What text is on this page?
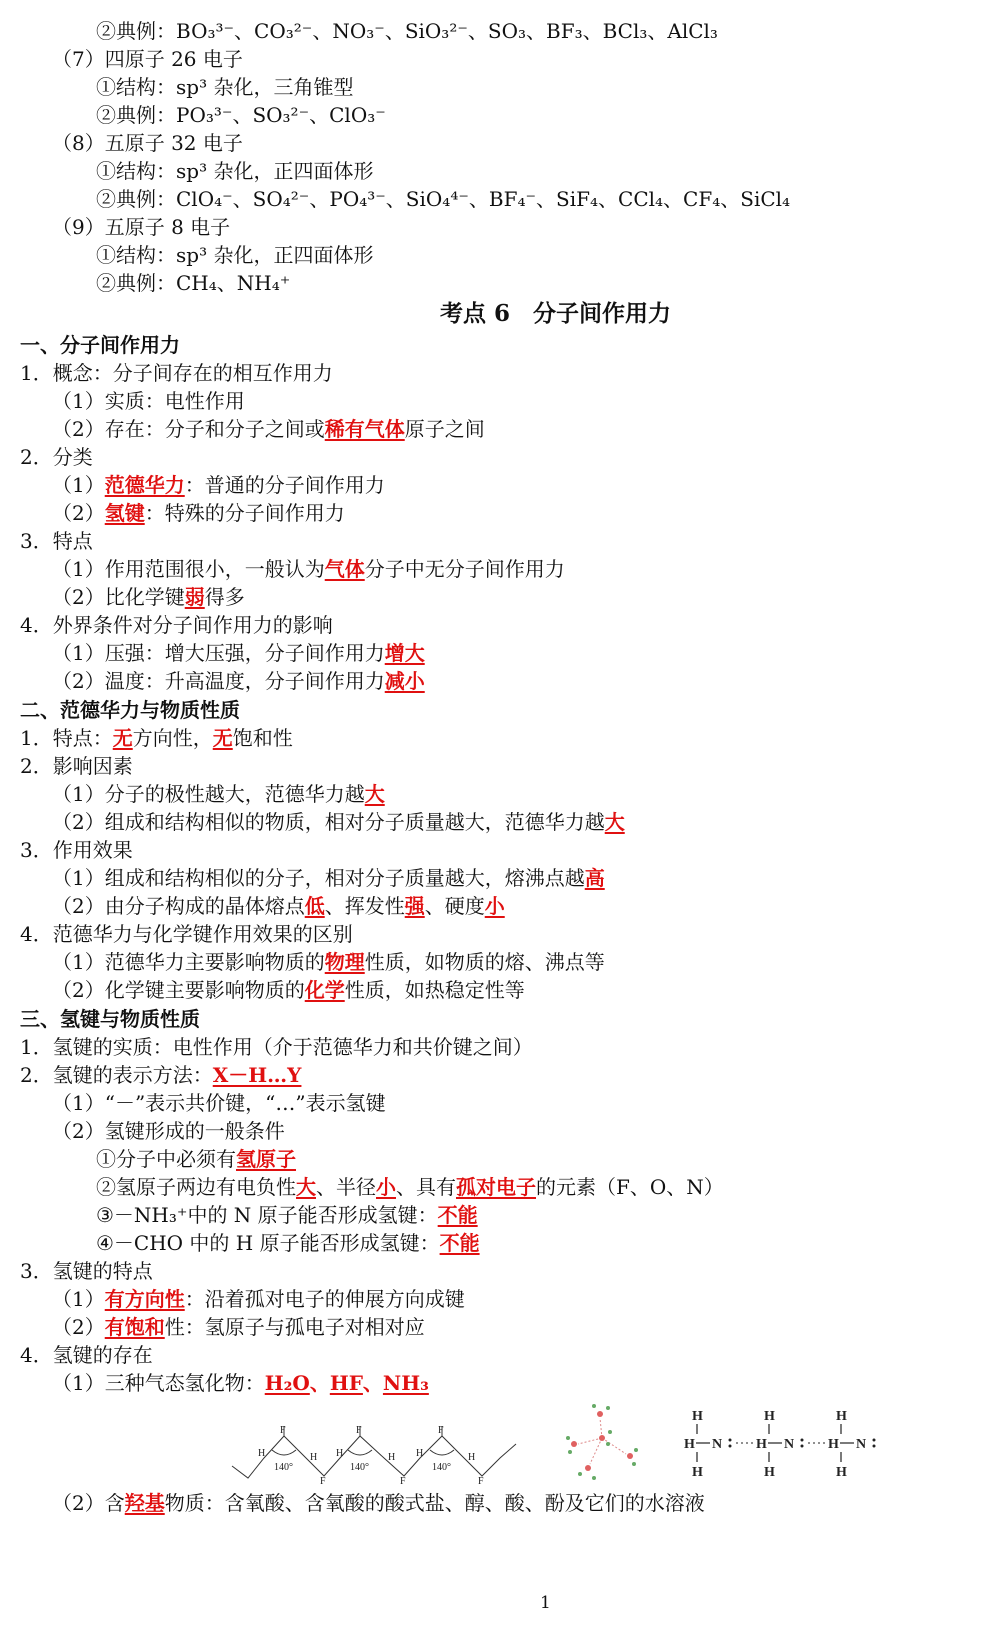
②典例：BO₃³⁻、CO₃²⁻、NO₃⁻、SiO₃²⁻、SO₃、BF₃、BCl₃、AlCl₃
（7）四原子 26 电子
①结构：sp³ 杂化，三角锥型
②典例：PO₃³⁻、SO₃²⁻、ClO₃⁻
（8）五原子 32 电子
①结构：sp³ 杂化，正四面体形
②典例：ClO₄⁻、SO₄²⁻、PO₄³⁻、SiO₄⁴⁻、BF₄⁻、SiF₄、CCl₄、CF₄、SiCl₄
（9）五原子 8 电子
①结构：sp³ 杂化，正四面体形
②典例：CH₄、NH₄⁺
考点 6　分子间作用力
一、分子间作用力
1．概念：分子间存在的相互作用力
（1）实质：电性作用
（2）存在：分子和分子之间或稀有气体原子之间
2．分类
（1）范德华力：普通的分子间作用力
（2）氢键：特殊的分子间作用力
3．特点
（1）作用范围很小，一般认为气体分子中无分子间作用力
（2）比化学键弱得多
4．外界条件对分子间作用力的影响
（1）压强：增大压强，分子间作用力增大
（2）温度：升高温度，分子间作用力减小
二、范德华力与物质性质
1．特点：无方向性，无饱和性
2．影响因素
（1）分子的极性越大，范德华力越大
（2）组成和结构相似的物质，相对分子质量越大，范德华力越大
3．作用效果
（1）组成和结构相似的分子，相对分子质量越大，熔沸点越高
（2）由分子构成的晶体熔点低、挥发性强、硬度小
4．范德华力与化学键作用效果的区别
（1）范德华力主要影响物质的物理性质，如物质的熔、沸点等
（2）化学键主要影响物质的化学性质，如热稳定性等
三、氢键与物质性质
1．氢键的实质：电性作用（介于范德华力和共价键之间）
2．氢键的表示方法：X－H…Y
（1）“－”表示共价键，“…”表示氢键
（2）氢键形成的一般条件
①分子中必须有氢原子
②氢原子两边有电负性大、半径小、具有孤对电子的元素（F、O、N）
③－NH₃⁺中的 N 原子能否形成氢键：不能
④－CHO 中的 H 原子能否形成氢键：不能
3．氢键的特点
（1）有方向性：沿着孤对电子的伸展方向成键
（2）有饱和性：氢原子与孤电子对相对应
4．氢键的存在
（1）三种气态氢化物：H₂O、HF、NH₃
F	F	F
H	H H	H H	H
140°	140°	140°
F	F	F
H
H N
H
H
H N
H
H
H N
H
（2）含羟基物质：含氧酸、含氧酸的酸式盐、醇、酸、酚及它们的水溶液
1
